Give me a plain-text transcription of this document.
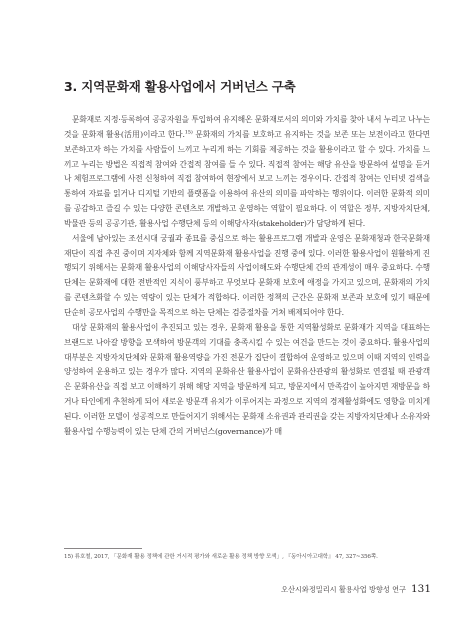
3. 지역문화재 활용사업에서 거버넌스 구축

문화재로 지정·등록하여 공공자원을 투입하여 유지해온 문화재로서의 의미와 가치를 찾아 내서 누리고 나누는 것을 문화재 활용(活用)이라고 한다.$^{15)}$ 문화재의 가치를 보호하고 유지하는 것을 보존 또는 보전이라고 한다면 보존하고자 하는 가치를 사람들이 느끼고 누리게 하는 기회를 제공하는 것을 활용이라고 할 수 있다. 가치를 느끼고 누리는 방법은 직접적 참여와 간접적 참여를 들 수 있다. 직접적 참여는 해당 유산을 방문하여 설명을 듣거나 체험프로그램에 사전 신청하여 직접 참여하여 현장에서 보고 느끼는 경우이다. 간접적 참여는 인터넷 검색을 통하여 자료를 읽거나 디지털 기반의 플랫폼을 이용하여 유산의 의미를 파악하는 행위이다. 이러한 문화적 의미를 공감하고 즐길 수 있는 다양한 콘텐츠로 개발하고 운영하는 역할이 필요하다. 이 역할은 정부, 지방자치단체, 박물관 등의 공공기관, 활용사업 수행단체 등의 이해당사자(stakeholder)가 담당하게 된다.

서울에 남아있는 조선시대 궁궐과 종묘를 중심으로 하는 활용프로그램 개발과 운영은 문화재청과 한국문화재재단이 직접 추진 중이며 지자체와 함께 지역문화재 활용사업을 진행 중에 있다. 이러한 활용사업이 원활하게 진행되기 위해서는 문화재 활용사업의 이해당사자들의 사업이해도와 수행단체 간의 관계성이 매우 중요하다. 수행단체는 문화재에 대한 전반적인 지식이 풍부하고 무엇보다 문화재 보호에 애정을 가지고 있으며, 문화재의 가치를 콘텐츠화할 수 있는 역량이 있는 단체가 적합하다. 이러한 정책의 근간은 문화재 보존과 보호에 있기 때문에 단순히 공모사업의 수행만을 목적으로 하는 단체는 검증절차를 거쳐 배제되어야 한다.

대상 문화재의 활용사업이 추진되고 있는 경우, 문화재 활용을 통한 지역활성화로 문화재가 지역을 대표하는 브랜드로 나아갈 방향을 모색하여 방문객의 기대를 충족시킬 수 있는 여건을 만드는 것이 중요하다. 활용사업의 대부분은 지방자치단체와 문화재 활용역량을 가진 전문가 집단이 결합하여 운영하고 있으며 이때 지역의 인력을 양성하여 운용하고 있는 경우가 많다. 지역의 문화유산 활용사업이 문화유산관광의 활성화로 연결될 때 관광객은 문화유산을 직접 보고 이해하기 위해 해당 지역을 방문하게 되고, 방문지에서 만족감이 높아지면 재방문을 하거나 타인에게 추천하게 되어 새로운 방문객 유치가 이루어지는 과정으로 지역의 경제활성화에도 영향을 미치게 된다. 이러한 모델이 성공적으로 만들어지기 위해서는 문화재 소유권과 관리권을 갖는 지방자치단체나 소유자와 활용사업 수행능력이 있는 단체 간의 거버넌스(governance)가 매

15) 류호철, 2017, 「문화재 활용 정책에 관한 거시적 평가와 새로운 활용 정책 방향 모색」, 『동아시아고대학』 47, 327~356쪽.
오산시와정밀리시 활용사업 방향성 연구 131
